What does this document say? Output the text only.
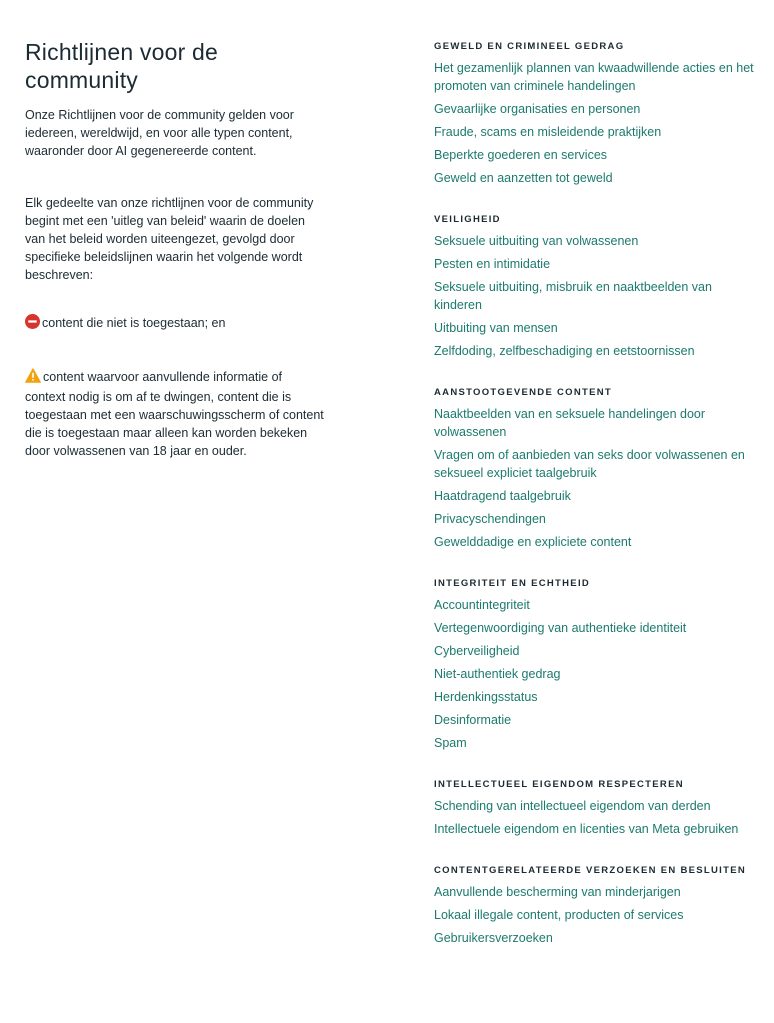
Richtlijnen voor de community

Onze Richtlijnen voor de community gelden voor iedereen, wereldwijd, en voor alle typen content, waaronder door AI gegenereerde content.

Elk gedeelte van onze richtlijnen voor de community begint met een 'uitleg van beleid' waarin de doelen van het beleid worden uiteengezet, gevolgd door specifieke beleidslijnen waarin het volgende wordt beschreven:

content die niet is toegestaan; en

content waarvoor aanvullende informatie of context nodig is om af te dwingen, content die is toegestaan met een waarschuwingsscherm of content die is toegestaan maar alleen kan worden bekeken door volwassenen van 18 jaar en ouder.

GEWELD EN CRIMINEEL GEDRAG
Het gezamenlijk plannen van kwaadwillende acties en het promoten van criminele handelingen
Gevaarlijke organisaties en personen
Fraude, scams en misleidende praktijken
Beperkte goederen en services
Geweld en aanzetten tot geweld
VEILIGHEID
Seksuele uitbuiting van volwassenen
Pesten en intimidatie
Seksuele uitbuiting, misbruik en naaktbeelden van kinderen
Uitbuiting van mensen
Zelfdoding, zelfbeschadiging en eetstoornissen
AANSTOOTGEVENDE CONTENT
Naaktbeelden van en seksuele handelingen door volwassenen
Vragen om of aanbieden van seks door volwassenen en seksueel expliciet taalgebruik
Haatdragend taalgebruik
Privacyschendingen
Gewelddadige en expliciete content
INTEGRITEIT EN ECHTHEID
Accountintegriteit
Vertegenwoordiging van authentieke identiteit
Cyberveiligheid
Niet-authentiek gedrag
Herdenkingsstatus
Desinformatie
Spam
INTELLECTUEEL EIGENDOM RESPECTEREN
Schending van intellectueel eigendom van derden
Intellectuele eigendom en licenties van Meta gebruiken
CONTENTGERELATEERDE VERZOEKEN EN BESLUITEN
Aanvullende bescherming van minderjarigen
Lokaal illegale content, producten of services
Gebruikersverzoeken
